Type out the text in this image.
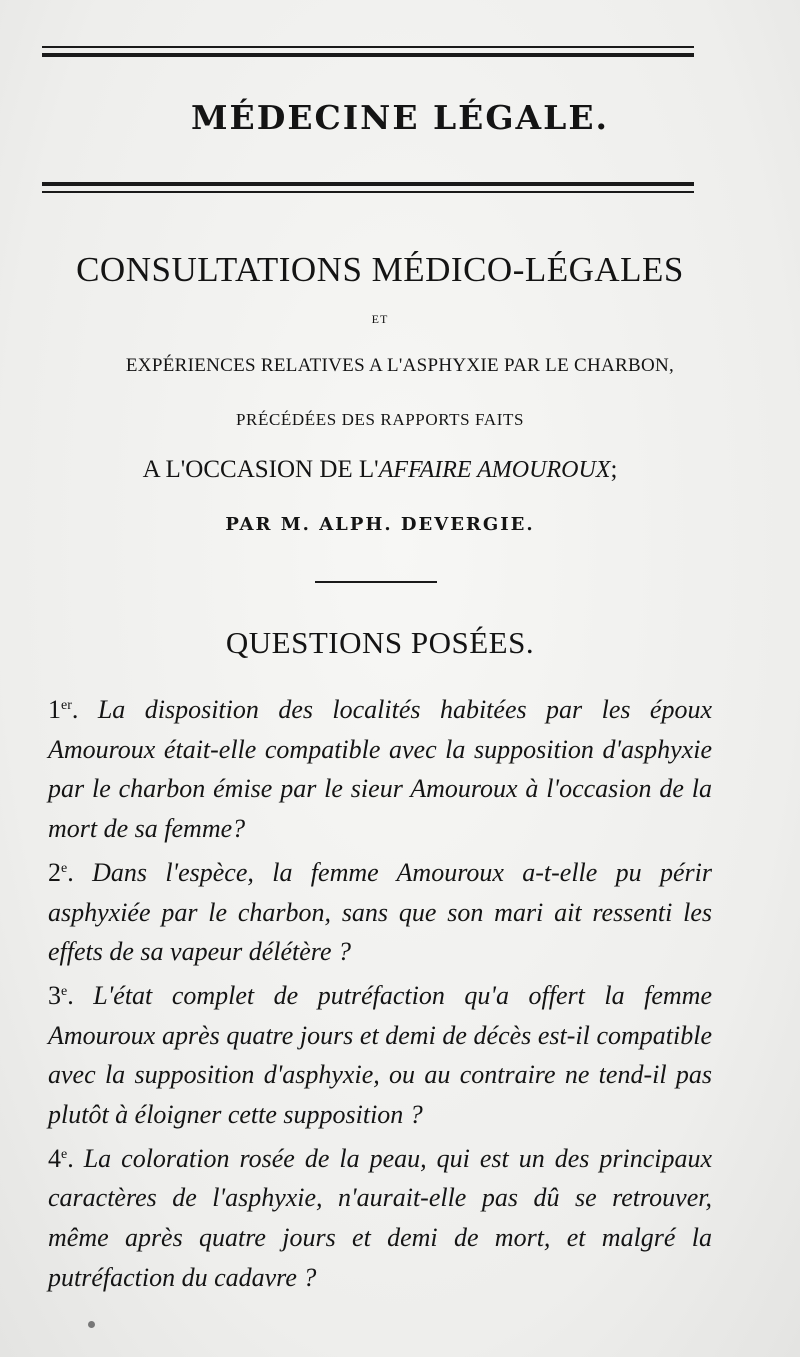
MÉDECINE LÉGALE.
CONSULTATIONS MÉDICO-LÉGALES
ET
EXPÉRIENCES RELATIVES A L'ASPHYXIE PAR LE CHARBON,
PRÉCÉDÉES DES RAPPORTS FAITS
A L'OCCASION DE L'AFFAIRE AMOUROUX;
PAR M. ALPH. DEVERGIE.
QUESTIONS POSÉES.

1er. La disposition des localités habitées par les époux Amouroux était-elle compatible avec la supposition d'asphyxie par le charbon émise par le sieur Amouroux à l'occasion de la mort de sa femme?

2e. Dans l'espèce, la femme Amouroux a-t-elle pu périr asphyxiée par le charbon, sans que son mari ait ressenti les effets de sa vapeur délétère ?

3e. L'état complet de putréfaction qu'a offert la femme Amouroux après quatre jours et demi de décès est-il compatible avec la supposition d'asphyxie, ou au contraire ne tend-il pas plutôt à éloigner cette supposition ?

4e. La coloration rosée de la peau, qui est un des principaux caractères de l'asphyxie, n'aurait-elle pas dû se retrouver, même après quatre jours et demi de mort, et malgré la putréfaction du cadavre ?
